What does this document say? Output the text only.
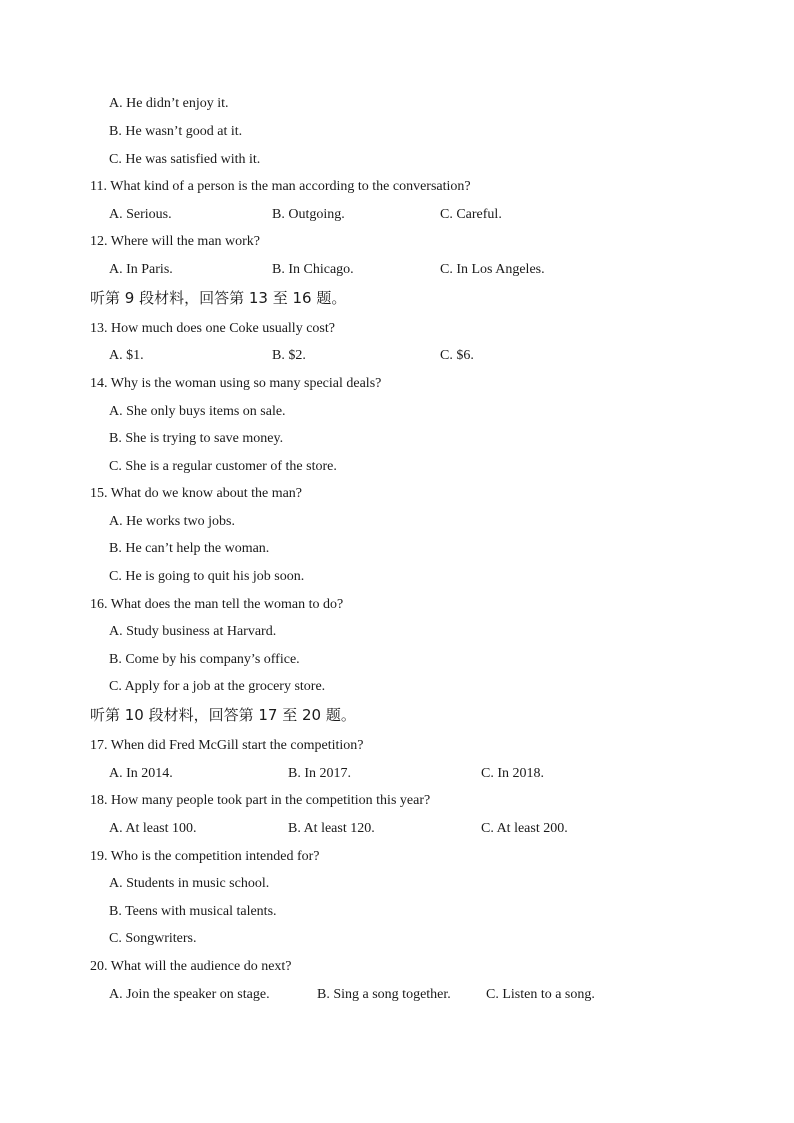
A. He didn’t enjoy it.
B. He wasn’t good at it.
C. He was satisfied with it.
11. What kind of a person is the man according to the conversation?
A. Serious.	B. Outgoing.	C. Careful.
12. Where will the man work?
A. In Paris.	B. In Chicago.	C. In Los Angeles.
听第 9 段材料，回答第 13 至 16 题。
13. How much does one Coke usually cost?
A. $1.	B. $2.	C. $6.
14. Why is the woman using so many special deals?
A. She only buys items on sale.
B. She is trying to save money.
C. She is a regular customer of the store.
15. What do we know about the man?
A. He works two jobs.
B. He can’t help the woman.
C. He is going to quit his job soon.
16. What does the man tell the woman to do?
A. Study business at Harvard.
B. Come by his company’s office.
C. Apply for a job at the grocery store.
听第 10 段材料，回答第 17 至 20 题。
17. When did Fred McGill start the competition?
A. In 2014.	B. In 2017.	C. In 2018.
18. How many people took part in the competition this year?
A. At least 100.	B. At least 120.	C. At least 200.
19. Who is the competition intended for?
A. Students in music school.
B. Teens with musical talents.
C. Songwriters.
20. What will the audience do next?
A. Join the speaker on stage.	B. Sing a song together.	C. Listen to a song.
